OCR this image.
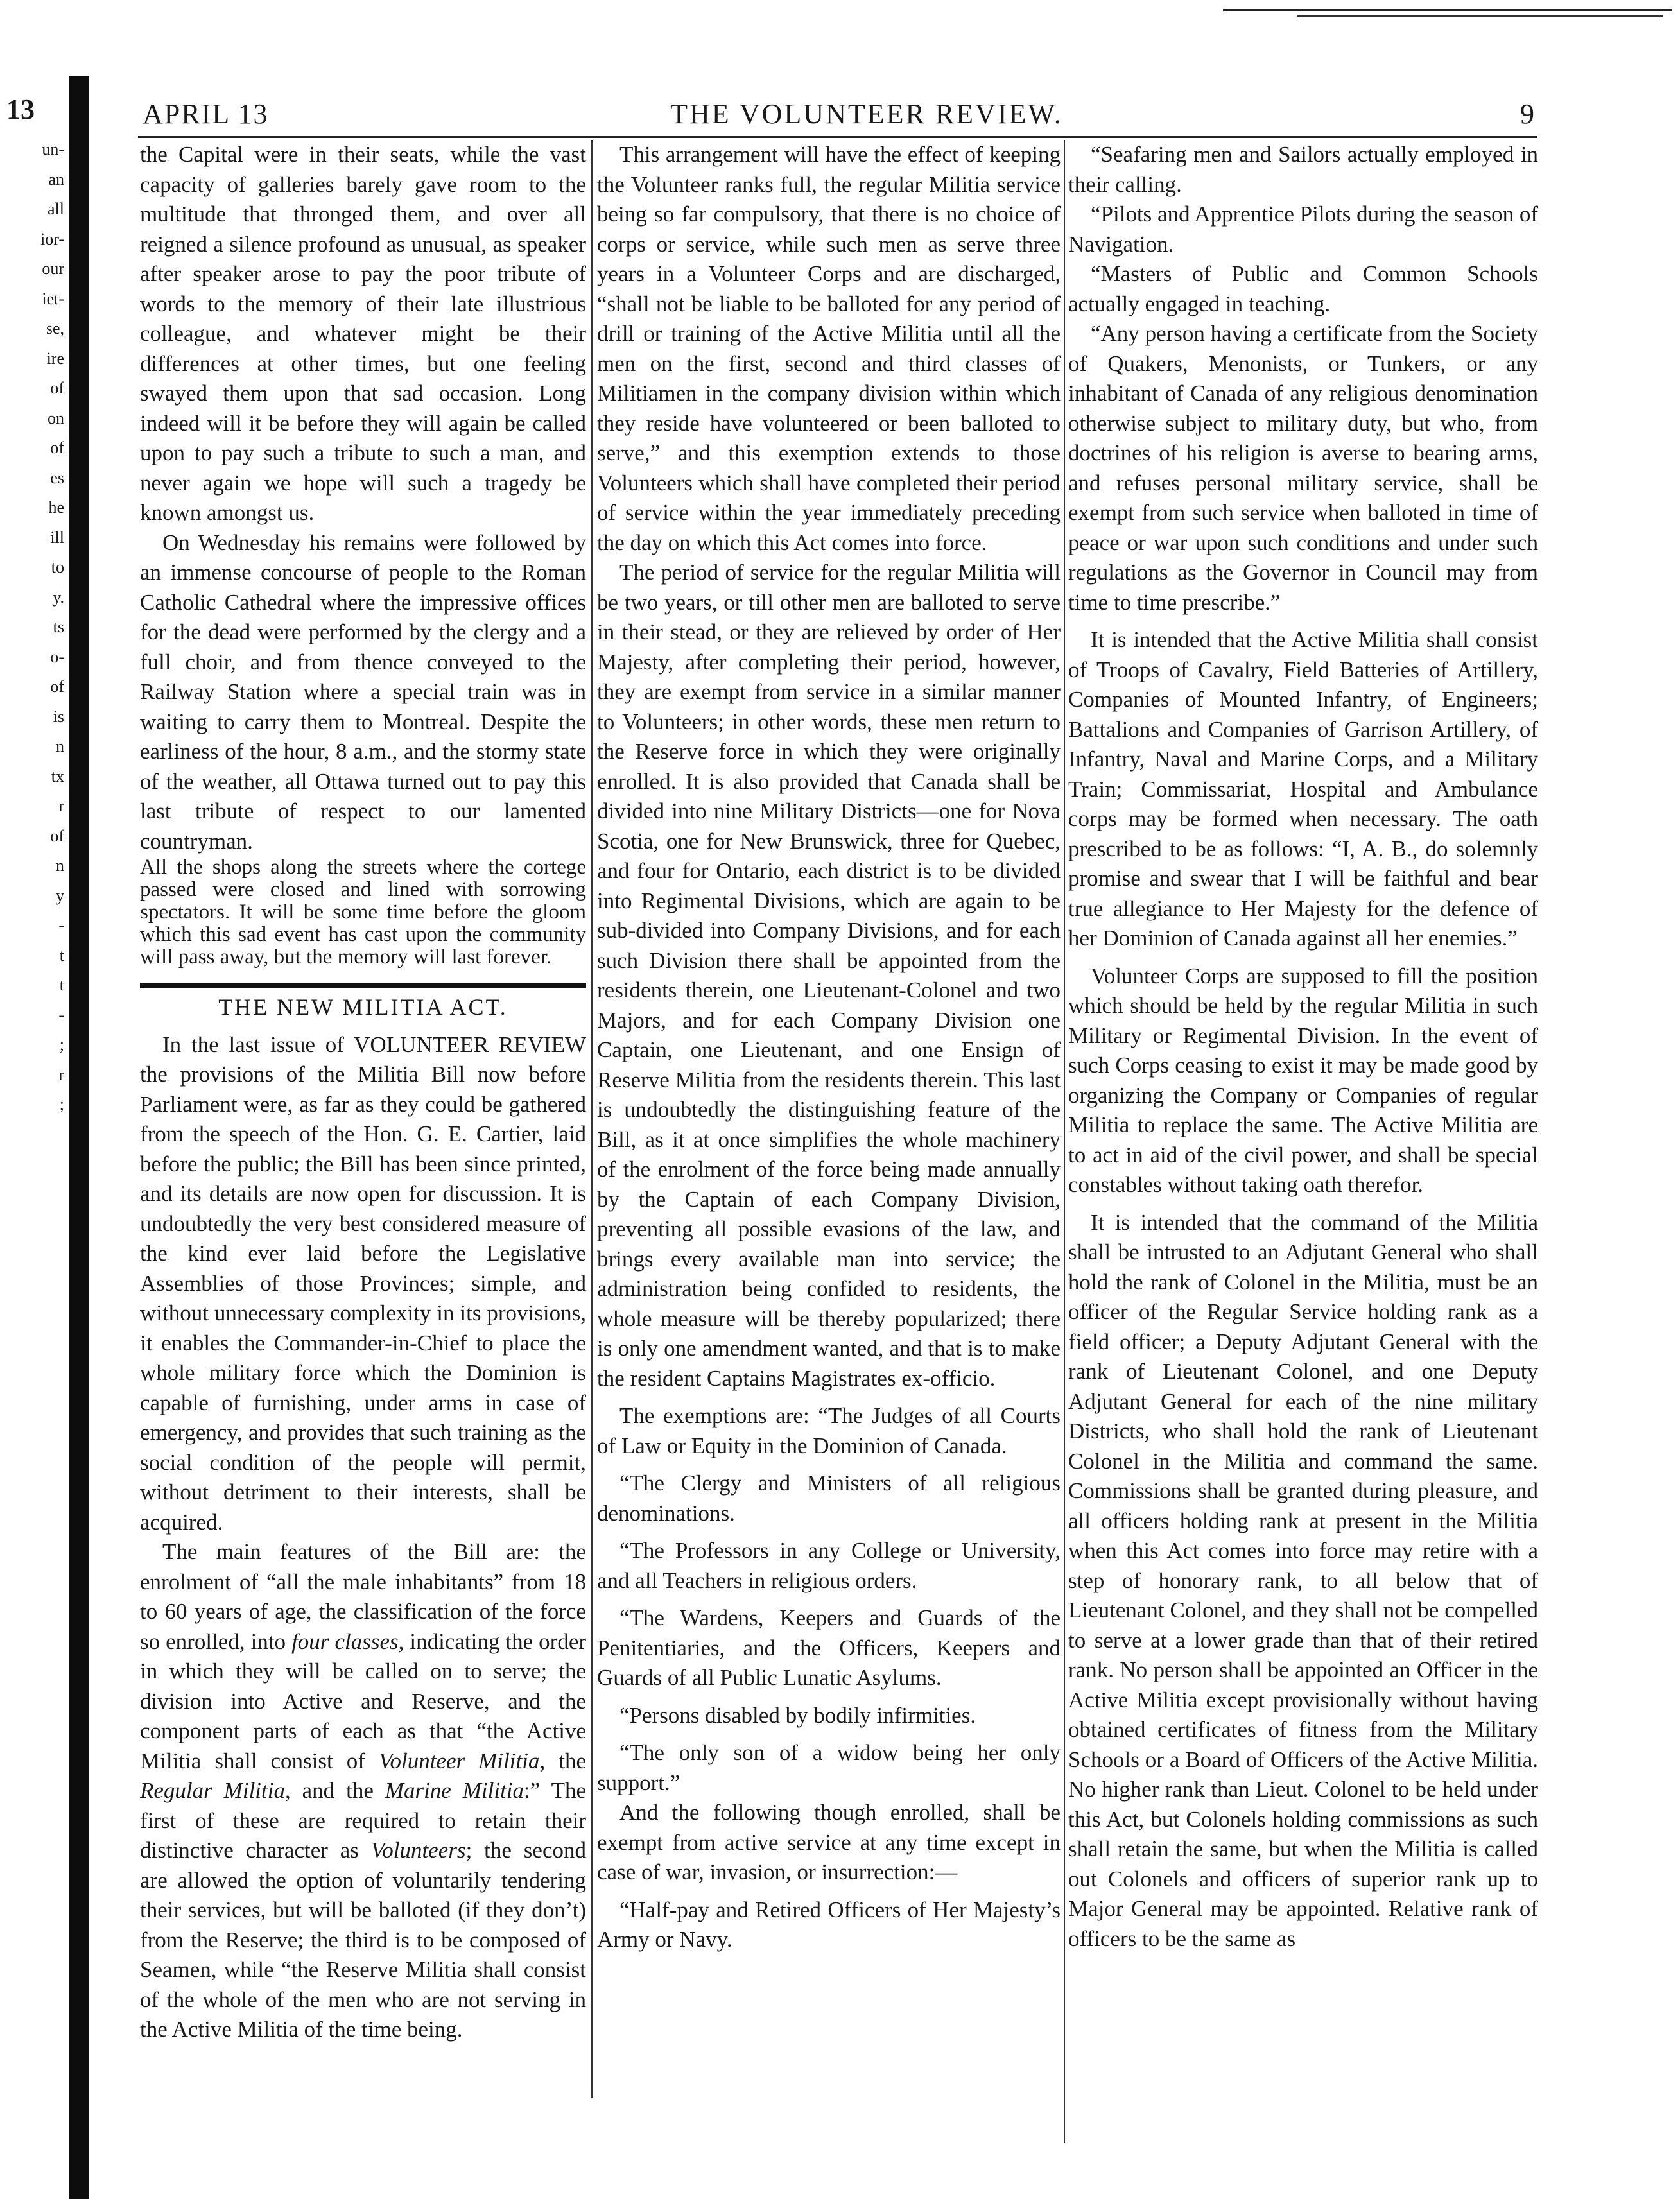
13
un-
an
all
ior-
our
iet-
se,
ire
of
on
of
es
he
ill
to
y.
ts
o-
of
is
n
tx
r
of
n
y
-
t
t
-
;
r
;
APRIL 13	THE VOLUNTEER REVIEW.	9

the Capital were in their seats, while the vast capacity of galleries barely gave room to the multitude that thronged them, and over all reigned a silence profound as unusual, as speaker after speaker arose to pay the poor tribute of words to the memory of their late illustrious colleague, and whatever might be their differences at other times, but one feeling swayed them upon that sad occasion. Long indeed will it be before they will again be called upon to pay such a tribute to such a man, and never again we hope will such a tragedy be known amongst us.

On Wednesday his remains were followed by an immense concourse of people to the Roman Catholic Cathedral where the impressive offices for the dead were performed by the clergy and a full choir, and from thence conveyed to the Railway Station where a special train was in waiting to carry them to Montreal. Despite the earliness of the hour, 8 a.m., and the stormy state of the weather, all Ottawa turned out to pay this last tribute of respect to our lamented countryman.

All the shops along the streets where the cortege passed were closed and lined with sorrowing spectators. It will be some time before the gloom which this sad event has cast upon the community will pass away, but the memory will last forever.

THE NEW MILITIA ACT.

In the last issue of VOLUNTEER REVIEW the provisions of the Militia Bill now before Parliament were, as far as they could be gathered from the speech of the Hon. G. E. Cartier, laid before the public; the Bill has been since printed, and its details are now open for discussion. It is undoubtedly the very best considered measure of the kind ever laid before the Legislative Assemblies of those Provinces; simple, and without unnecessary complexity in its provisions, it enables the Commander-in-Chief to place the whole military force which the Dominion is capable of furnishing, under arms in case of emergency, and provides that such training as the social condition of the people will permit, without detriment to their interests, shall be acquired.

The main features of the Bill are: the enrolment of “all the male inhabitants” from 18 to 60 years of age, the classification of the force so enrolled, into four classes, indicating the order in which they will be called on to serve; the division into Active and Reserve, and the component parts of each as that “the Active Militia shall consist of Volunteer Militia, the Regular Militia, and the Marine Militia:” The first of these are required to retain their distinctive character as Volunteers; the second are allowed the option of voluntarily tendering their services, but will be balloted (if they don’t) from the Reserve; the third is to be composed of Seamen, while “the Reserve Militia shall consist of the whole of the men who are not serving in the Active Militia of the time being.

This arrangement will have the effect of keeping the Volunteer ranks full, the regular Militia service being so far compulsory, that there is no choice of corps or service, while such men as serve three years in a Volunteer Corps and are discharged, “shall not be liable to be balloted for any period of drill or training of the Active Militia until all the men on the first, second and third classes of Militiamen in the company division within which they reside have volunteered or been balloted to serve,” and this exemption extends to those Volunteers which shall have completed their period of service within the year immediately preceding the day on which this Act comes into force.

The period of service for the regular Militia will be two years, or till other men are balloted to serve in their stead, or they are relieved by order of Her Majesty, after completing their period, however, they are exempt from service in a similar manner to Volunteers; in other words, these men return to the Reserve force in which they were originally enrolled. It is also provided that Canada shall be divided into nine Military Districts—one for Nova Scotia, one for New Brunswick, three for Quebec, and four for Ontario, each district is to be divided into Regimental Divisions, which are again to be sub-divided into Company Divisions, and for each such Division there shall be appointed from the residents therein, one Lieutenant-Colonel and two Majors, and for each Company Division one Captain, one Lieutenant, and one Ensign of Reserve Militia from the residents therein. This last is undoubtedly the distinguishing feature of the Bill, as it at once simplifies the whole machinery of the enrolment of the force being made annually by the Captain of each Company Division, preventing all possible evasions of the law, and brings every available man into service; the administration being confided to residents, the whole measure will be thereby popularized; there is only one amendment wanted, and that is to make the resident Captains Magistrates ex-officio.

The exemptions are: “The Judges of all Courts of Law or Equity in the Dominion of Canada.

“The Clergy and Ministers of all religious denominations.

“The Professors in any College or University, and all Teachers in religious orders.

“The Wardens, Keepers and Guards of the Penitentiaries, and the Officers, Keepers and Guards of all Public Lunatic Asylums.

“Persons disabled by bodily infirmities.

“The only son of a widow being her only support.”

And the following though enrolled, shall be exempt from active service at any time except in case of war, invasion, or insurrection:—

“Half-pay and Retired Officers of Her Majesty’s Army or Navy.

“Seafaring men and Sailors actually employed in their calling.

“Pilots and Apprentice Pilots during the season of Navigation.

“Masters of Public and Common Schools actually engaged in teaching.

“Any person having a certificate from the Society of Quakers, Menonists, or Tunkers, or any inhabitant of Canada of any religious denomination otherwise subject to military duty, but who, from doctrines of his religion is averse to bearing arms, and refuses personal military service, shall be exempt from such service when balloted in time of peace or war upon such conditions and under such regulations as the Governor in Council may from time to time prescribe.”

It is intended that the Active Militia shall consist of Troops of Cavalry, Field Batteries of Artillery, Companies of Mounted Infantry, of Engineers; Battalions and Companies of Garrison Artillery, of Infantry, Naval and Marine Corps, and a Military Train; Commissariat, Hospital and Ambulance corps may be formed when necessary. The oath prescribed to be as follows: “I, A. B., do solemnly promise and swear that I will be faithful and bear true allegiance to Her Majesty for the defence of her Dominion of Canada against all her enemies.”

Volunteer Corps are supposed to fill the position which should be held by the regular Militia in such Military or Regimental Division. In the event of such Corps ceasing to exist it may be made good by organizing the Company or Companies of regular Militia to replace the same. The Active Militia are to act in aid of the civil power, and shall be special constables without taking oath therefor.

It is intended that the command of the Militia shall be intrusted to an Adjutant General who shall hold the rank of Colonel in the Militia, must be an officer of the Regular Service holding rank as a field officer; a Deputy Adjutant General with the rank of Lieutenant Colonel, and one Deputy Adjutant General for each of the nine military Districts, who shall hold the rank of Lieutenant Colonel in the Militia and command the same. Commissions shall be granted during pleasure, and all officers holding rank at present in the Militia when this Act comes into force may retire with a step of honorary rank, to all below that of Lieutenant Colonel, and they shall not be compelled to serve at a lower grade than that of their retired rank. No person shall be appointed an Officer in the Active Militia except provisionally without having obtained certificates of fitness from the Military Schools or a Board of Officers of the Active Militia. No higher rank than Lieut. Colonel to be held under this Act, but Colonels holding commissions as such shall retain the same, but when the Militia is called out Colonels and officers of superior rank up to Major General may be appointed. Relative rank of officers to be the same as
